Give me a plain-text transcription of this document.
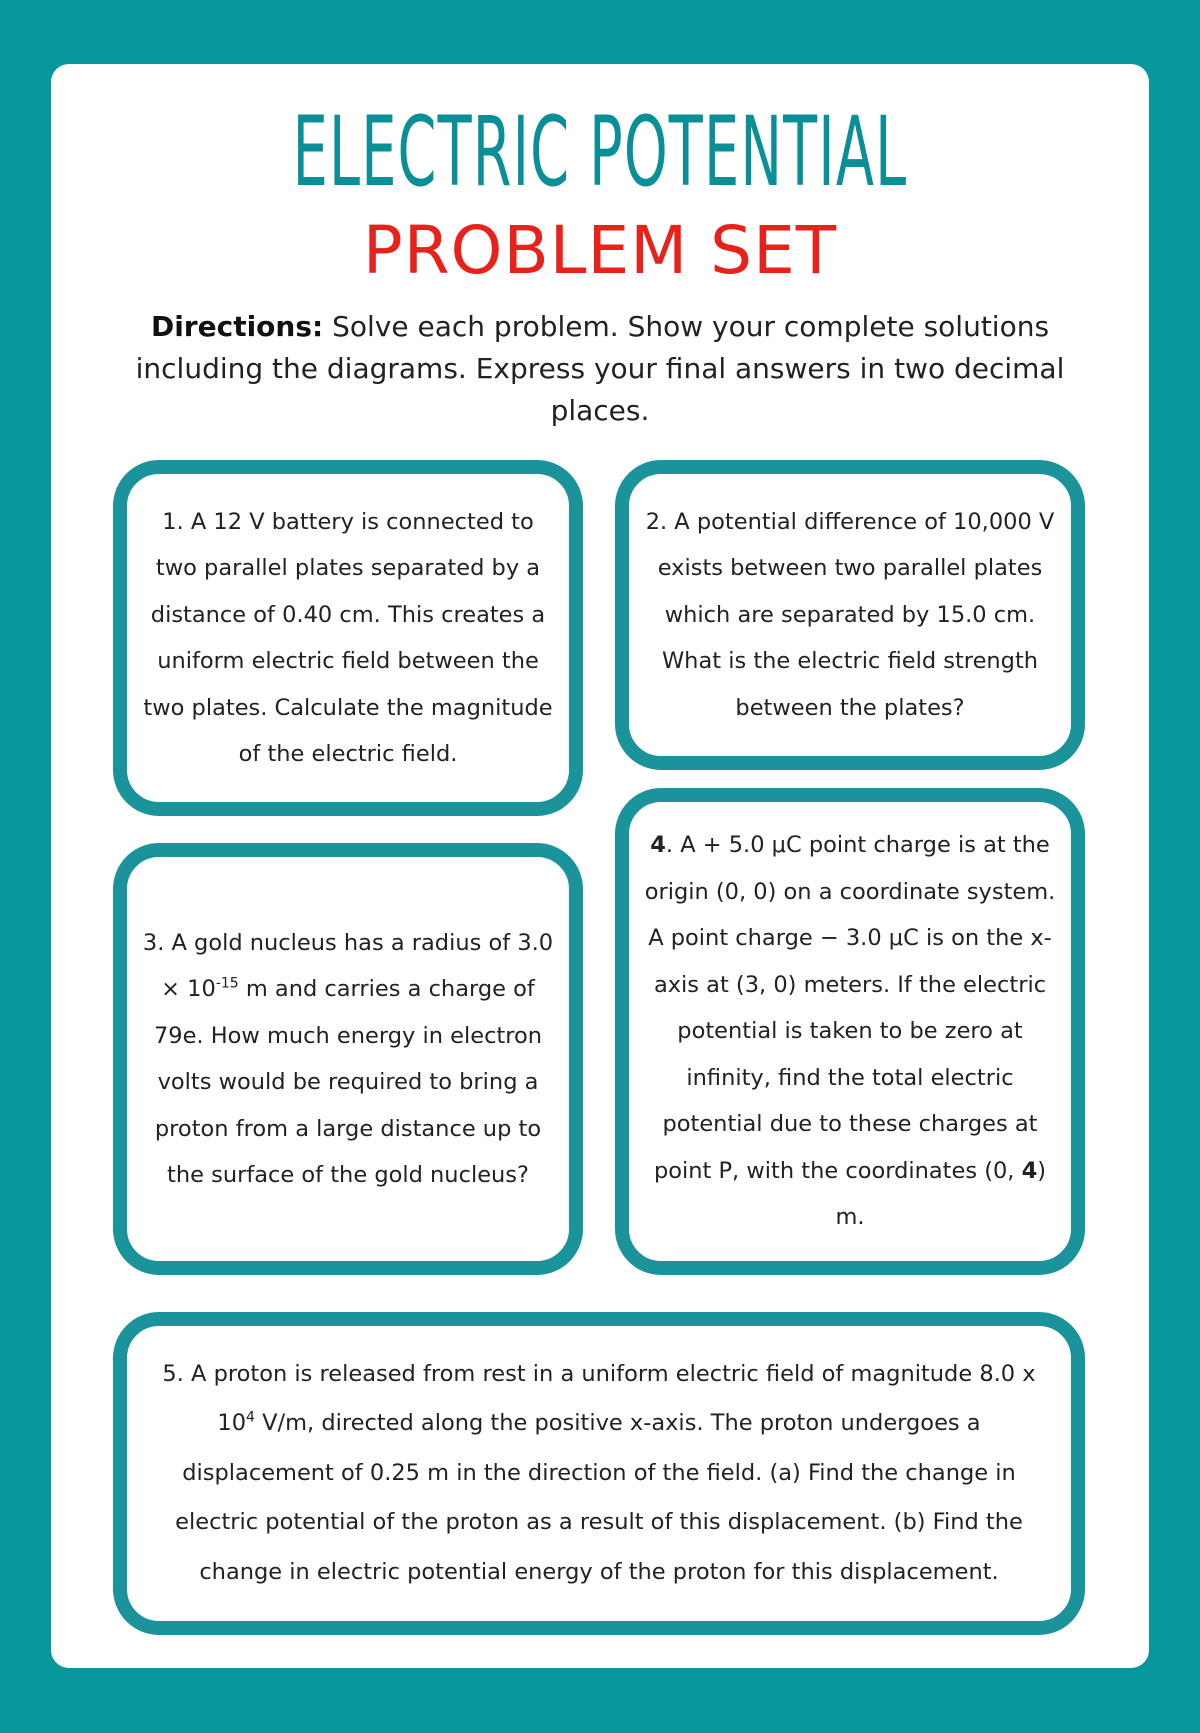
ELECTRIC POTENTIAL
PROBLEM SET
Directions: Solve each problem. Show your complete solutions including the diagrams. Express your final answers in two decimal places.
1. A 12 V battery is connected to two parallel plates separated by a distance of 0.40 cm. This creates a uniform electric field between the two plates. Calculate the magnitude of the electric field.
2. A potential difference of 10,000 V exists between two parallel plates which are separated by 15.0 cm. What is the electric field strength between the plates?
3. A gold nucleus has a radius of $3.0 \times 10^{-15}$ m and carries a charge of 79e. How much energy in electron volts would be required to bring a proton from a large distance up to the surface of the gold nucleus?
4. A + 5.0 μC point charge is at the origin (0, 0) on a coordinate system. A point charge − 3.0 μC is on the x-axis at (3, 0) meters. If the electric potential is taken to be zero at infinity, find the total electric potential due to these charges at point P, with the coordinates (0, 4) m.
5. A proton is released from rest in a uniform electric field of magnitude 8.0 x $10^4$ V/m, directed along the positive x-axis. The proton undergoes a displacement of 0.25 m in the direction of the field. (a) Find the change in electric potential of the proton as a result of this displacement. (b) Find the change in electric potential energy of the proton for this displacement.
